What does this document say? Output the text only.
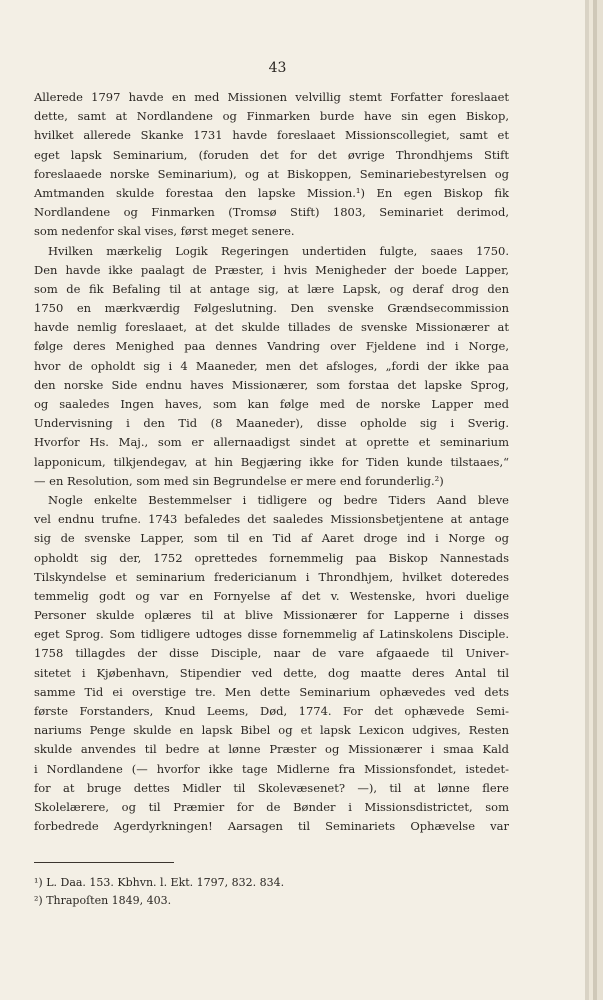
43
Allerede 1797 havde en med Missionen velvillig stemt Forfatter foreslaaet
dette, samt at Nordlandene og Finmarken burde have sin egen Biskop,
hvilket allerede Skanke 1731 havde foreslaaet Missionscollegiet, samt et
eget lapsk Seminarium, (foruden det for det øvrige Throndhjems Stift
foreslaaede norske Seminarium), og at Biskoppen, Seminariebestyrelsen og
Amtmanden skulde forestaa den lapske Mission.¹) En egen Biskop fik
Nordlandene og Finmarken (Tromsø Stift) 1803, Seminariet derimod,
som nedenfor skal vises, først meget senere.
Hvilken mærkelig Logik Regeringen undertiden fulgte, saaes 1750.
Den havde ikke paalagt de Præster, i hvis Menigheder der boede Lapper,
som de fik Befaling til at antage sig, at lære Lapsk, og deraf drog den
1750 en mærkværdig Følgeslutning. Den svenske Grændsecommission
havde nemlig foreslaaet, at det skulde tillades de svenske Missionærer at
følge deres Menighed paa dennes Vandring over Fjeldene ind i Norge,
hvor de opholdt sig i 4 Maaneder, men det afsloges, „fordi der ikke paa
den norske Side endnu haves Missionærer, som forstaa det lapske Sprog,
og saaledes Ingen haves, som kan følge med de norske Lapper med
Undervisning i den Tid (8 Maaneder), disse opholde sig i Sverig.
Hvorfor Hs. Maj., som er allernaadigst sindet at oprette et seminarium
lapponicum, tilkjendegav, at hin Begjæring ikke for Tiden kunde tilstaaes,“
— en Resolution, som med sin Begrundelse er mere end forunderlig.²)
Nogle enkelte Bestemmelser i tidligere og bedre Tiders Aand bleve
vel endnu trufne. 1743 befaledes det saaledes Missionsbetjentene at antage
sig de svenske Lapper, som til en Tid af Aaret droge ind i Norge og
opholdt sig der, 1752 oprettedes fornemmelig paa Biskop Nannestads
Tilskyndelse et seminarium fredericianum i Throndhjem, hvilket doteredes
temmelig godt og var en Fornyelse af det v. Westenske, hvori duelige
Personer skulde oplæres til at blive Missionærer for Lapperne i disses
eget Sprog. Som tidligere udtoges disse fornemmelig af Latinskolens Disciple.
1758 tillagdes der disse Disciple, naar de vare afgaaede til Univer-
sitetet i Kjøbenhavn, Stipendier ved dette, dog maatte deres Antal til
samme Tid ei overstige tre. Men dette Seminarium ophævedes ved dets
første Forstanders, Knud Leems, Død, 1774. For det ophævede Semi-
nariums Penge skulde en lapsk Bibel og et lapsk Lexicon udgives, Resten
skulde anvendes til bedre at lønne Præster og Missionærer i smaa Kald
i Nordlandene (— hvorfor ikke tage Midlerne fra Missionsfondet, istedet-
for at bruge dettes Midler til Skolevæsenet? —), til at lønne flere
Skolelærere, og til Præmier for de Bønder i Missionsdistrictet, som
forbedrede Agerdyrkningen! Aarsagen til Seminariets Ophævelse var
¹) L. Daa. 153. Kbhvn. l. Ekt. 1797, 832. 834.
²) Thrapoſten 1849, 403.
